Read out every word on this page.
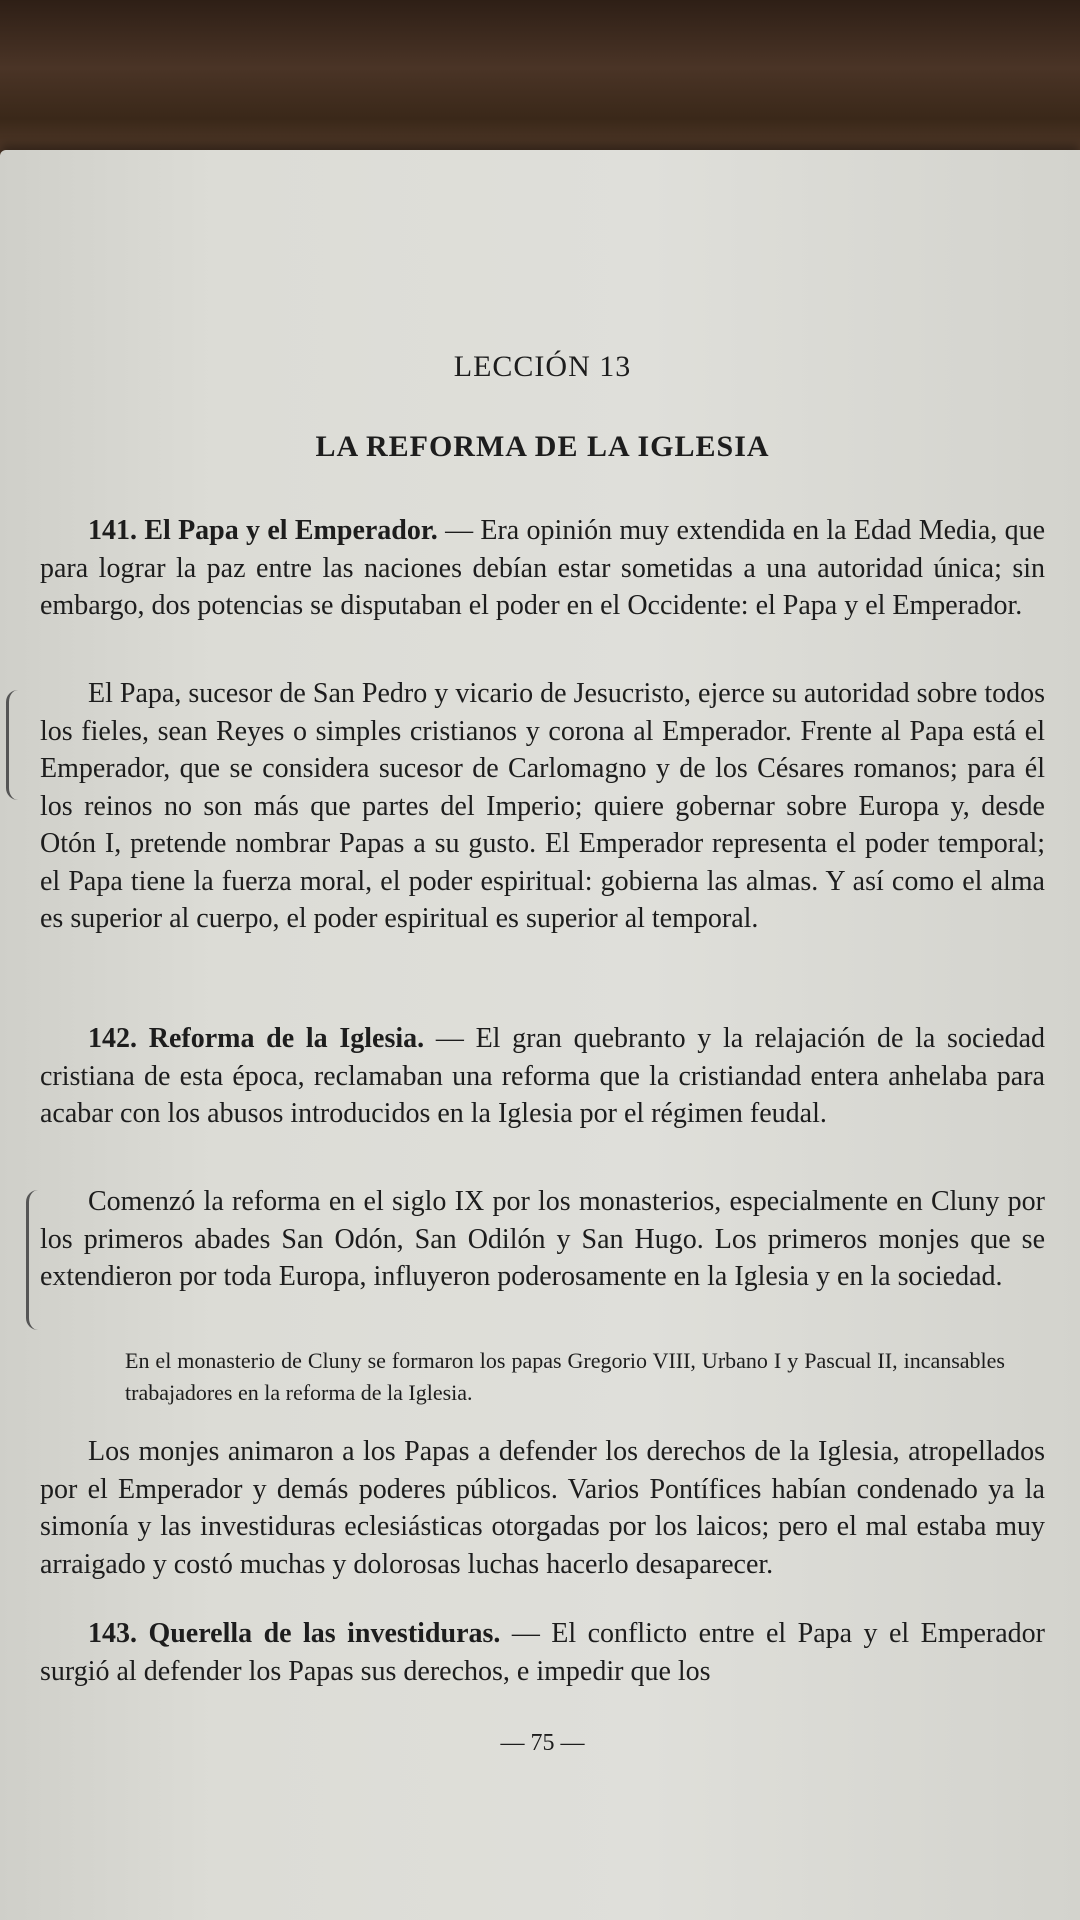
LECCIÓN 13
LA REFORMA DE LA IGLESIA
141. El Papa y el Emperador. — Era opinión muy extendida en la Edad Media, que para lograr la paz entre las naciones debían estar sometidas a una autoridad única; sin embargo, dos potencias se disputaban el poder en el Occidente: el Papa y el Emperador.
El Papa, sucesor de San Pedro y vicario de Jesucristo, ejerce su autoridad sobre todos los fieles, sean Reyes o simples cristianos y corona al Emperador. Frente al Papa está el Emperador, que se considera sucesor de Carlomagno y de los Césares romanos; para él los reinos no son más que partes del Imperio; quiere gobernar sobre Europa y, desde Otón I, pretende nombrar Papas a su gusto. El Emperador representa el poder temporal; el Papa tiene la fuerza moral, el poder espiritual: gobierna las almas. Y así como el alma es superior al cuerpo, el poder espiritual es superior al temporal.
142. Reforma de la Iglesia. — El gran quebranto y la relajación de la sociedad cristiana de esta época, reclamaban una reforma que la cristiandad entera anhelaba para acabar con los abusos introducidos en la Iglesia por el régimen feudal.
Comenzó la reforma en el siglo IX por los monasterios, especialmente en Cluny por los primeros abades San Odón, San Odilón y San Hugo. Los primeros monjes que se extendieron por toda Europa, influyeron poderosamente en la Iglesia y en la sociedad.
En el monasterio de Cluny se formaron los papas Gregorio VIII, Urbano I y Pascual II, incansables trabajadores en la reforma de la Iglesia.
Los monjes animaron a los Papas a defender los derechos de la Iglesia, atropellados por el Emperador y demás poderes públicos. Varios Pontífices habían condenado ya la simonía y las investiduras eclesiásticas otorgadas por los laicos; pero el mal estaba muy arraigado y costó muchas y dolorosas luchas hacerlo desaparecer.
143. Querella de las investiduras. — El conflicto entre el Papa y el Emperador surgió al defender los Papas sus derechos, e impedir que los
— 75 —
